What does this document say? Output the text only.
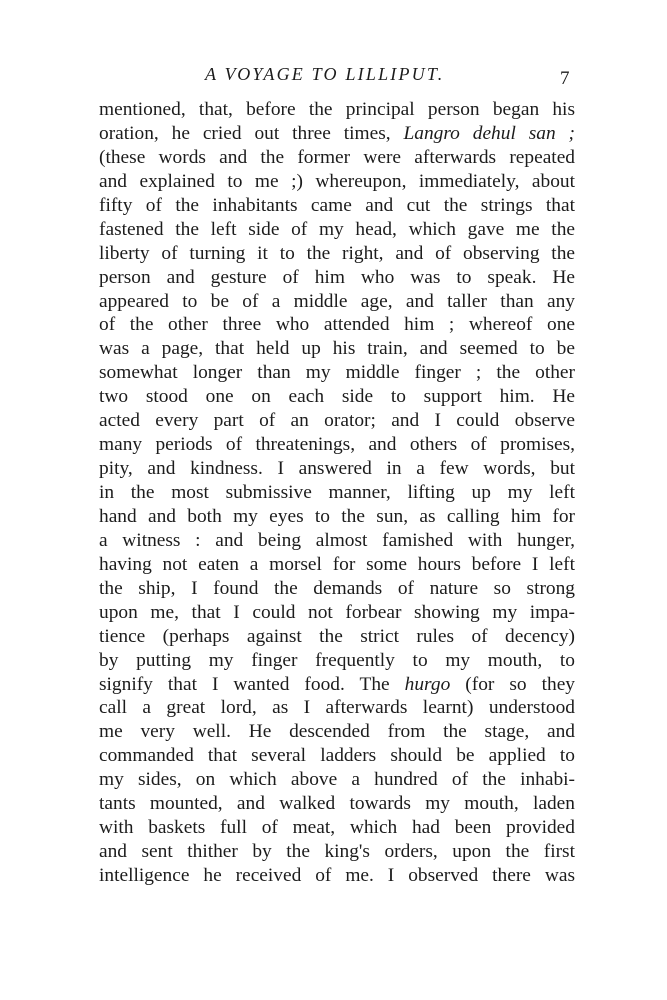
A VOYAGE TO LILLIPUT.	7
mentioned, that, before the principal person began his
oration, he cried out three times, Langro dehul san ;
(these words and the former were afterwards repeated
and explained to me ;) whereupon, immediately, about
fifty of the inhabitants came and cut the strings that
fastened the left side of my head, which gave me the
liberty of turning it to the right, and of observing the
person and gesture of him who was to speak. He
appeared to be of a middle age, and taller than any
of the other three who attended him ; whereof one
was a page, that held up his train, and seemed to be
somewhat longer than my middle finger ; the other
two stood one on each side to support him. He
acted every part of an orator; and I could observe
many periods of threatenings, and others of promises,
pity, and kindness. I answered in a few words, but
in the most submissive manner, lifting up my left
hand and both my eyes to the sun, as calling him for
a witness : and being almost famished with hunger,
having not eaten a morsel for some hours before I left
the ship, I found the demands of nature so strong
upon me, that I could not forbear showing my impa-
tience (perhaps against the strict rules of decency)
by putting my finger frequently to my mouth, to
signify that I wanted food. The hurgo (for so they
call a great lord, as I afterwards learnt) understood
me very well. He descended from the stage, and
commanded that several ladders should be applied to
my sides, on which above a hundred of the inhabi-
tants mounted, and walked towards my mouth, laden
with baskets full of meat, which had been provided
and sent thither by the king's orders, upon the first
intelligence he received of me. I observed there was
